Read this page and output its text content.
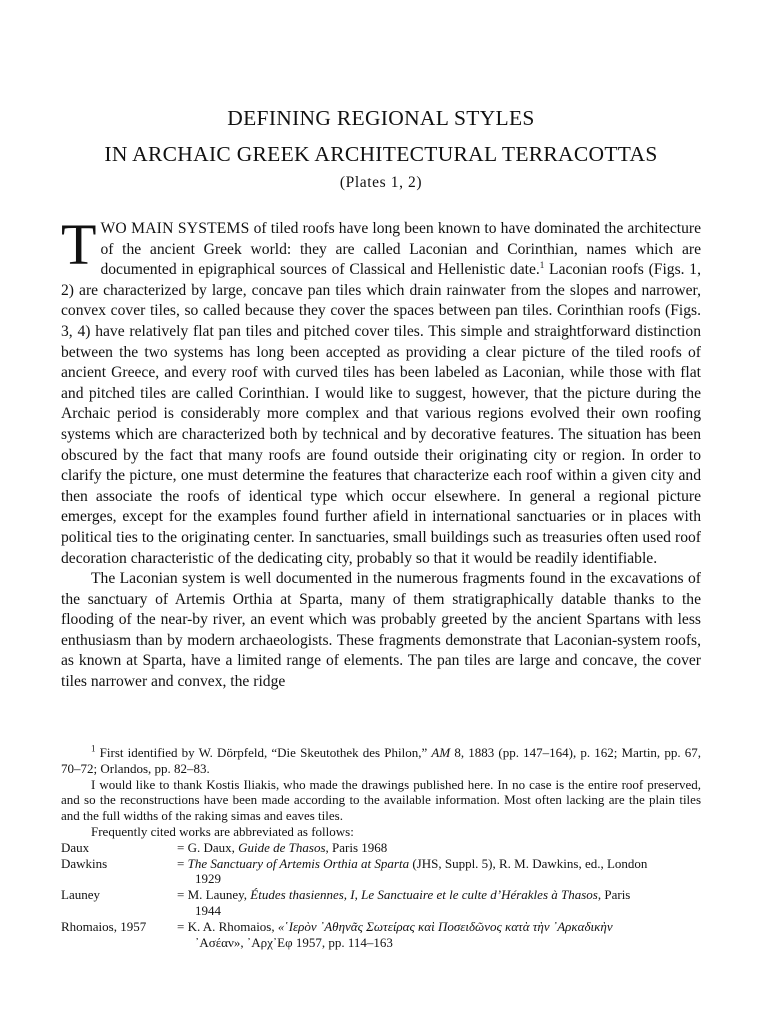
DEFINING REGIONAL STYLES
IN ARCHAIC GREEK ARCHITECTURAL TERRACOTTAS
(Plates 1, 2)

TWO MAIN SYSTEMS of tiled roofs have long been known to have dominated the architecture of the ancient Greek world: they are called Laconian and Corinthian, names which are documented in epigraphical sources of Classical and Hellenistic date.$^1$ Laconian roofs (Figs. 1, 2) are characterized by large, concave pan tiles which drain rainwater from the slopes and narrower, convex cover tiles, so called because they cover the spaces between pan tiles. Corinthian roofs (Figs. 3, 4) have relatively flat pan tiles and pitched cover tiles. This simple and straightforward distinction between the two systems has long been accepted as providing a clear picture of the tiled roofs of ancient Greece, and every roof with curved tiles has been labeled as Laconian, while those with flat and pitched tiles are called Corinthian. I would like to suggest, however, that the picture during the Archaic period is considerably more complex and that various regions evolved their own roofing systems which are characterized both by technical and by decorative features. The situation has been obscured by the fact that many roofs are found outside their originating city or region. In order to clarify the picture, one must determine the features that characterize each roof within a given city and then associate the roofs of identical type which occur elsewhere. In general a regional picture emerges, except for the examples found further afield in international sanctuaries or in places with political ties to the originating center. In sanctuaries, small buildings such as treasuries often used roof decoration characteristic of the dedicating city, probably so that it would be readily identifiable.

The Laconian system is well documented in the numerous fragments found in the excavations of the sanctuary of Artemis Orthia at Sparta, many of them stratigraphically datable thanks to the flooding of the near-by river, an event which was probably greeted by the ancient Spartans with less enthusiasm than by modern archaeologists. These fragments demonstrate that Laconian-system roofs, as known at Sparta, have a limited range of elements. The pan tiles are large and concave, the cover tiles narrower and convex, the ridge

$^1$ First identified by W. Dörpfeld, “Die Skeutothek des Philon,” AM 8, 1883 (pp. 147–164), p. 162; Martin, pp. 67, 70–72; Orlandos, pp. 82–83.

I would like to thank Kostis Iliakis, who made the drawings published here. In no case is the entire roof preserved, and so the reconstructions have been made according to the available information. Most often lacking are the plain tiles and the full widths of the raking simas and eaves tiles.

Frequently cited works are abbreviated as follows:

Daux	= G. Daux, Guide de Thasos, Paris 1968
Dawkins	= The Sanctuary of Artemis Orthia at Sparta (JHS, Suppl. 5), R. M. Dawkins, ed., London
	1929
Launey	= M. Launey, Études thasiennes, I, Le Sanctuaire et le culte d’Hérakles à Thasos, Paris
	1944
Rhomaios, 1957	= K. A. Rhomaios, «῾Ιερὸν ᾿Αθηνᾶς Σωτείρας καὶ Ποσειδῶνος κατὰ τὴν ᾿Αρκαδικὴν
	᾿Ασέαν», ᾿Αρχ᾿Εφ 1957, pp. 114–163
